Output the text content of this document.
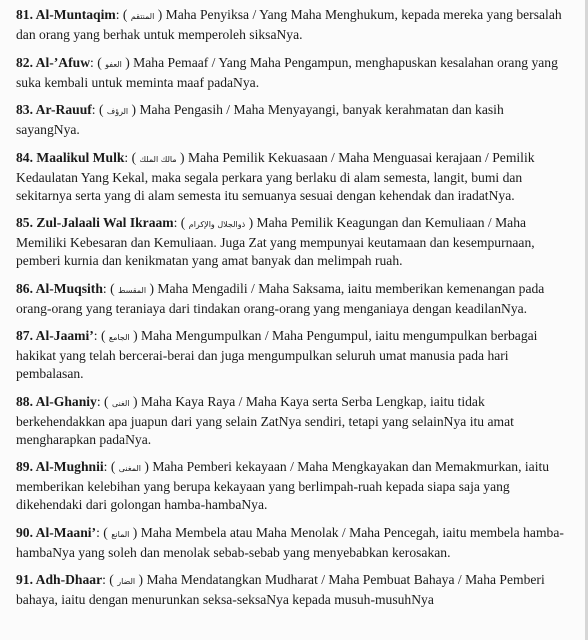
81. Al-Muntaqim: ( المنتقم ) Maha Penyiksa / Yang Maha Menghukum, kepada mereka yang bersalah dan orang yang berhak untuk memperoleh siksaNya.

82. Al-’Afuw: ( العفو ) Maha Pemaaf / Yang Maha Pengampun, menghapuskan kesalahan orang yang suka kembali untuk meminta maaf padaNya.

83. Ar-Rauuf: ( الرؤف ) Maha Pengasih / Maha Menyayangi, banyak kerahmatan dan kasih sayangNya.

84. Maalikul Mulk: ( مالك الملك ) Maha Pemilik Kekuasaan / Maha Menguasai kerajaan / Pemilik Kedaulatan Yang Kekal, maka segala perkara yang berlaku di alam semesta, langit, bumi dan sekitarnya serta yang di alam semesta itu semuanya sesuai dengan kehendak dan iradatNya.

85. Zul-Jalaali Wal Ikraam: ( ذوالجلال والإكرام ) Maha Pemilik Keagungan dan Kemuliaan / Maha Memiliki Kebesaran dan Kemuliaan. Juga Zat yang mempunyai keutamaan dan kesempurnaan, pemberi kurnia dan kenikmatan yang amat banyak dan melimpah ruah.

86. Al-Muqsith: ( المقسط ) Maha Mengadili / Maha Saksama, iaitu memberikan kemenangan pada orang-orang yang teraniaya dari tindakan orang-orang yang menganiaya dengan keadilanNya.

87. Al-Jaami’: ( الجامع ) Maha Mengumpulkan / Maha Pengumpul, iaitu mengumpulkan berbagai hakikat yang telah bercerai-berai dan juga mengumpulkan seluruh umat manusia pada hari pembalasan.

88. Al-Ghaniy: ( الغنى ) Maha Kaya Raya / Maha Kaya serta Serba Lengkap, iaitu tidak berkehendakkan apa juapun dari yang selain ZatNya sendiri, tetapi yang selainNya itu amat mengharapkan padaNya.

89. Al-Mughnii: ( المغنى ) Maha Pemberi kekayaan / Maha Mengkayakan dan Memakmurkan, iaitu memberikan kelebihan yang berupa kekayaan yang berlimpah-ruah kepada siapa saja yang dikehendaki dari golongan hamba-hambaNya.

90. Al-Maani’: ( المانع ) Maha Membela atau Maha Menolak / Maha Pencegah, iaitu membela hamba-hambaNya yang soleh dan menolak sebab-sebab yang menyebabkan kerosakan.

91. Adh-Dhaar: ( الضار ) Maha Mendatangkan Mudharat / Maha Pembuat Bahaya / Maha Pemberi bahaya, iaitu dengan menurunkan seksa-seksaNya kepada musuh-musuhNya
